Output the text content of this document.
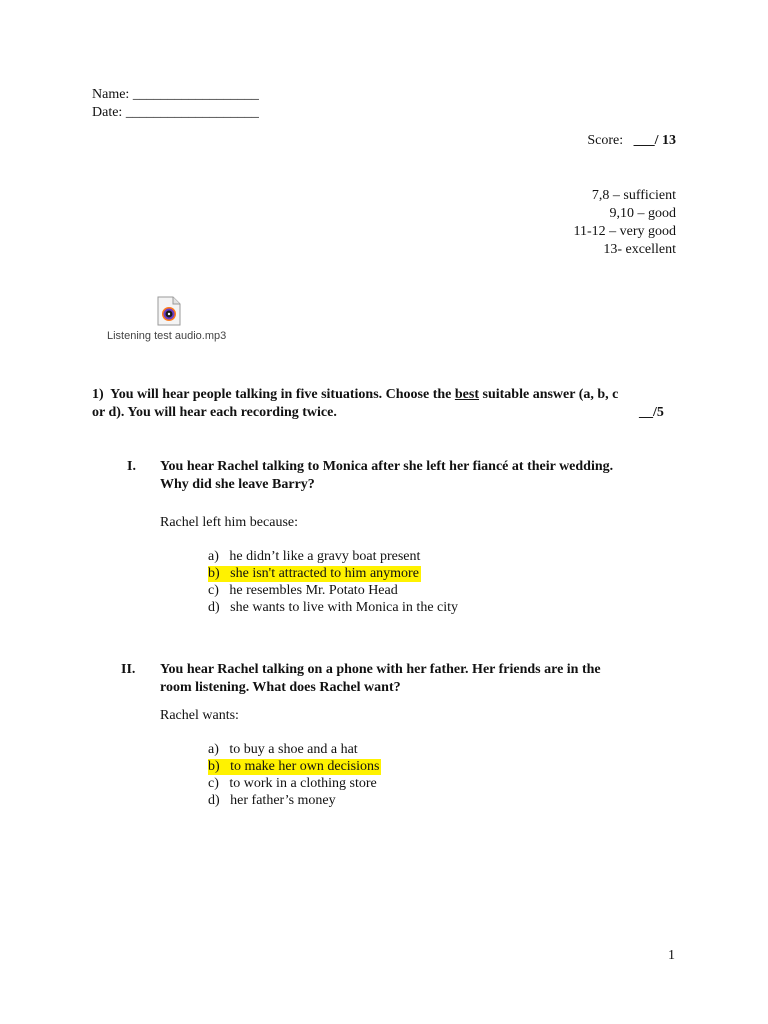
Name: __________________
Date: ___________________
Score: ___/ 13
7,8 – sufficient
9,10 – good
11-12 – very good
13- excellent
Listening test audio.mp3
1) You will hear people talking in five situations. Choose the best suitable answer (a, b, c
or d). You will hear each recording twice.	__/5
I. You hear Rachel talking to Monica after she left her fiancé at their wedding.
Why did she leave Barry?
Rachel left him because:
a) he didn’t like a gravy boat present
b) she isn't attracted to him anymore
c) he resembles Mr. Potato Head
d) she wants to live with Monica in the city
II. You hear Rachel talking on a phone with her father. Her friends are in the
room listening. What does Rachel want?
Rachel wants:
a) to buy a shoe and a hat
b) to make her own decisions
c) to work in a clothing store
d) her father’s money
1
